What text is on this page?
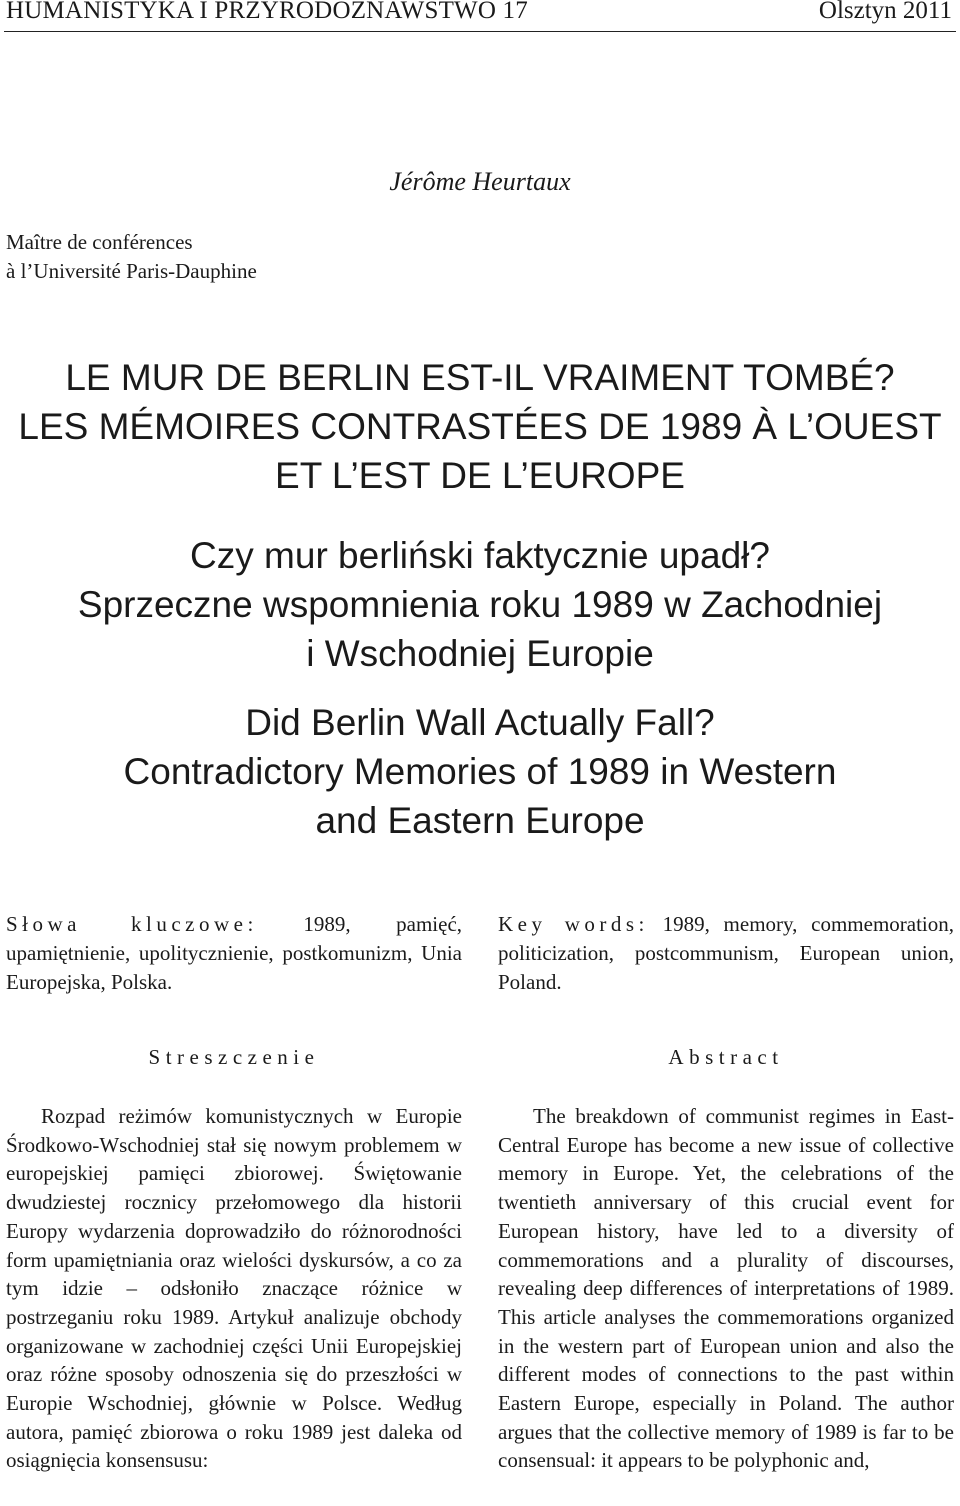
HUMANISTYKA I PRZYRODOZNAWSTWO 17	Olsztyn 2011
Jérôme Heurtaux
Maître de conférences
à l’Université Paris-Dauphine
LE MUR DE BERLIN EST-IL VRAIMENT TOMBÉ?
LES MÉMOIRES CONTRASTÉES DE 1989 À L’OUEST
ET L’EST DE L’EUROPE
Czy mur berliński faktycznie upadł?
Sprzeczne wspomnienia roku 1989 w Zachodniej
i Wschodniej Europie
Did Berlin Wall Actually Fall?
Contradictory Memories of 1989 in Western
and Eastern Europe
Słowa kluczowe: 1989, pamięć, upamiętnienie, upolitycznienie, postkomunizm, Unia Europejska, Polska.
Key words: 1989, memory, commemoration, politicization, postcommunism, European union, Poland.
Streszczenie	Abstract

Rozpad reżimów komunistycznych w Europie Środkowo-Wschodniej stał się nowym problemem w europejskiej pamięci zbiorowej. Świętowanie dwudziestej rocznicy przełomowego dla historii Europy wydarzenia doprowadziło do różnorodności form upamiętniania oraz wielości dyskursów, a co za tym idzie – odsłoniło znaczące różnice w postrzeganiu roku 1989. Artykuł analizuje obchody organizowane w zachodniej części Unii Europejskiej oraz różne sposoby odnoszenia się do przeszłości w Europie Wschodniej, głównie w Polsce. Według autora, pamięć zbiorowa o roku 1989 jest daleka od osiągnięcia konsensusu:

The breakdown of communist regimes in East-Central Europe has become a new issue of collective memory in Europe. Yet, the celebrations of the twentieth anniversary of this crucial event for European history, have led to a diversity of commemorations and a plurality of discourses, revealing deep differences of interpretations of 1989. This article analyses the commemorations organized in the western part of European union and also the different modes of connections to the past within Eastern Europe, especially in Poland. The author argues that the collective memory of 1989 is far to be consensual: it appears to be polyphonic and,
